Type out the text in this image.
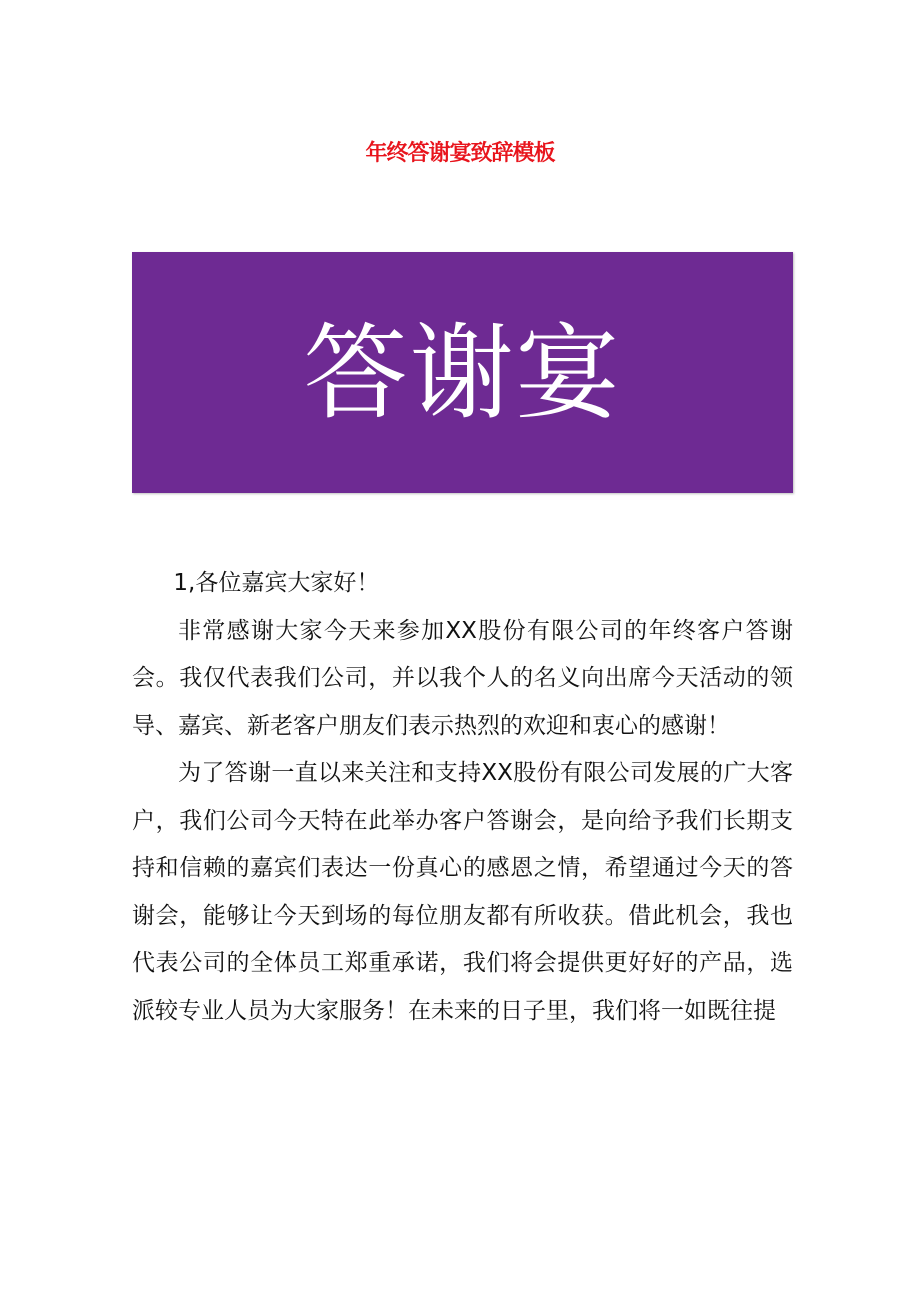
年终答谢宴致辞模板
答谢宴

1,各位嘉宾大家好！

非常感谢大家今天来参加XX股份有限公司的年终客户答谢会。我仅代表我们公司，并以我个人的名义向出席今天活动的领导、嘉宾、新老客户朋友们表示热烈的欢迎和衷心的感谢！

为了答谢一直以来关注和支持XX股份有限公司发展的广大客户，我们公司今天特在此举办客户答谢会，是向给予我们长期支持和信赖的嘉宾们表达一份真心的感恩之情，希望通过今天的答谢会，能够让今天到场的每位朋友都有所收获。借此机会，我也代表公司的全体员工郑重承诺，我们将会提供更好好的产品，选派较专业人员为大家服务！在未来的日子里，我们将一如既往提
